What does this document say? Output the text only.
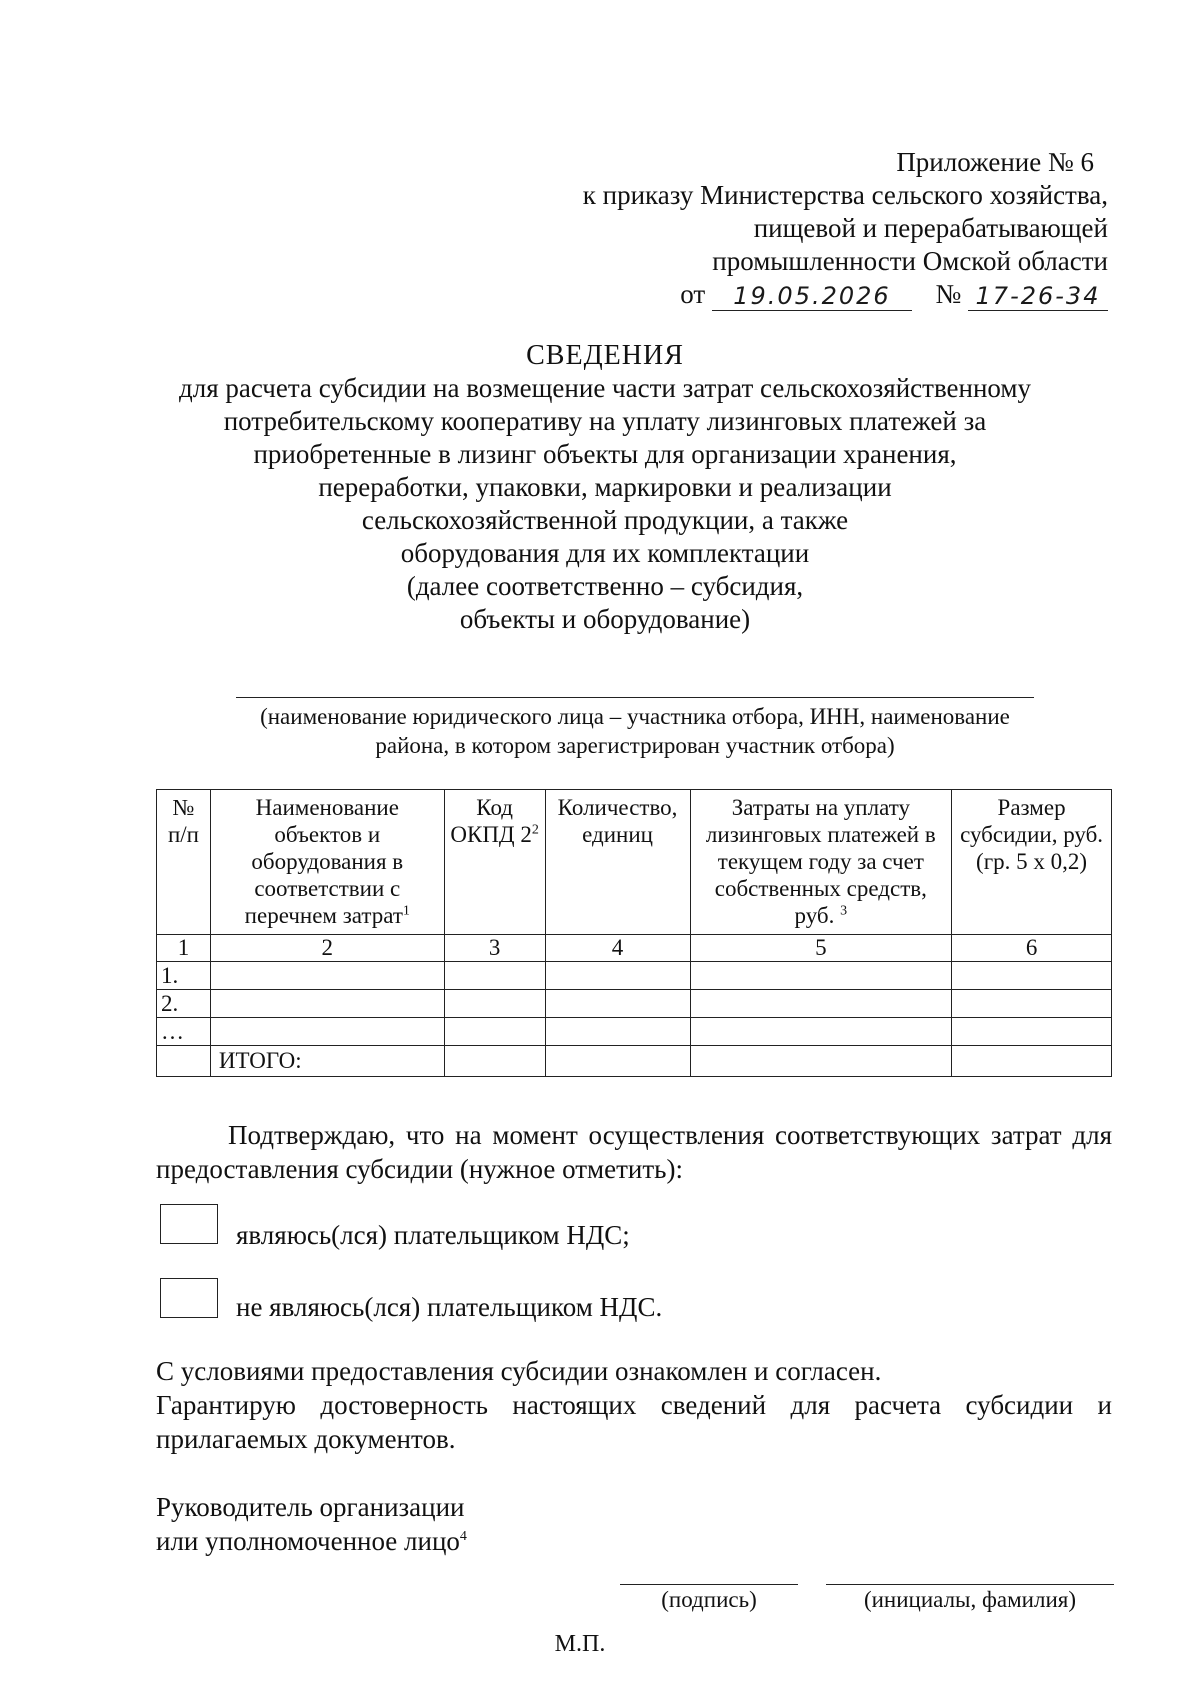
Приложение № 6
к приказу Министерства сельского хозяйства,
пищевой и перерабатывающей
промышленности Омской области
от 19.05.2026 № 17-26-34
СВЕДЕНИЯ
для расчета субсидии на возмещение части затрат сельскохозяйственному
потребительскому кооперативу на уплату лизинговых платежей за
приобретенные в лизинг объекты для организации хранения,
переработки, упаковки, маркировки и реализации
сельскохозяйственной продукции, а также
оборудования для их комплектации
(далее соответственно – субсидия,
объекты и оборудование)
(наименование юридического лица – участника отбора, ИНН, наименование
района, в котором зарегистрирован участник отбора)
№ п/п	Наименование объектов и оборудования в соответствии с перечнем затрат$^1$	Код ОКПД $2^2$	Количество, единиц	Затраты на уплату лизинговых платежей в текущем году за счет собственных средств, руб. $^3$	Размер субсидии, руб. (гр. 5 х 0,2)
1	2	3	4	5	6
1.					
2.					
…					
	ИТОГО:				
Подтверждаю, что на момент осуществления соответствующих затрат для предоставления субсидии (нужное отметить):
являюсь(лся) плательщиком НДС;
не являюсь(лся) плательщиком НДС.
С условиями предоставления субсидии ознакомлен и согласен.
Гарантирую достоверность настоящих сведений для расчета субсидии и прилагаемых документов.
Руководитель организации
или уполномоченное лицо$^4$
(подпись)	(инициалы, фамилия)
М.П.
